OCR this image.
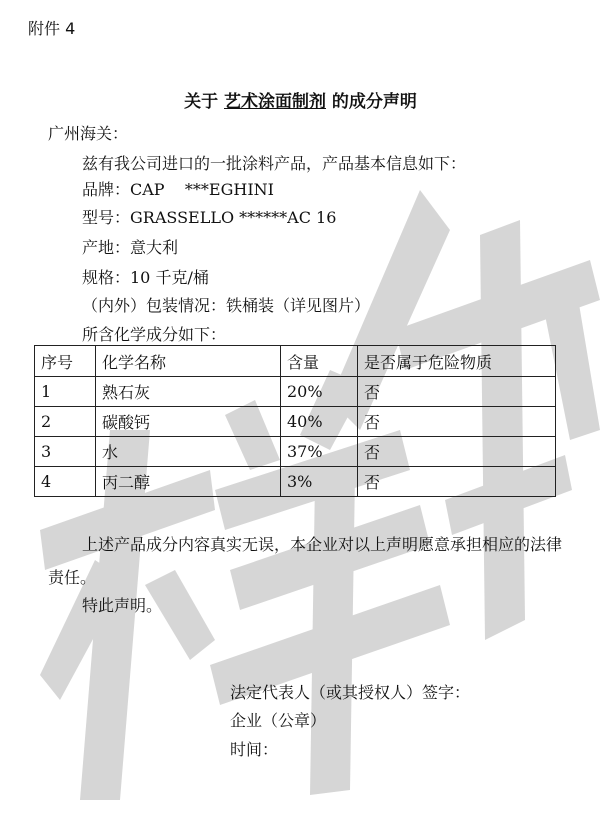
附件 4
关于 艺术涂面制剂 的成分声明
广州海关：
兹有我公司进口的一批涂料产品，产品基本信息如下：
品牌：CAP    ***EGHINI
型号：GRASSELLO ******AC 16
产地：意大利
规格：10 千克/桶
（内外）包装情况：铁桶装（详见图片）
所含化学成分如下：
序号	化学名称	含量	是否属于危险物质
1	熟石灰	20%	否
2	碳酸钙	40%	否
3	水	37%	否
4	丙二醇	3%	否
上述产品成分内容真实无误，本企业对以上声明愿意承担相应的法律责任。
特此声明。
法定代表人（或其授权人）签字：
企业（公章）
时间：
